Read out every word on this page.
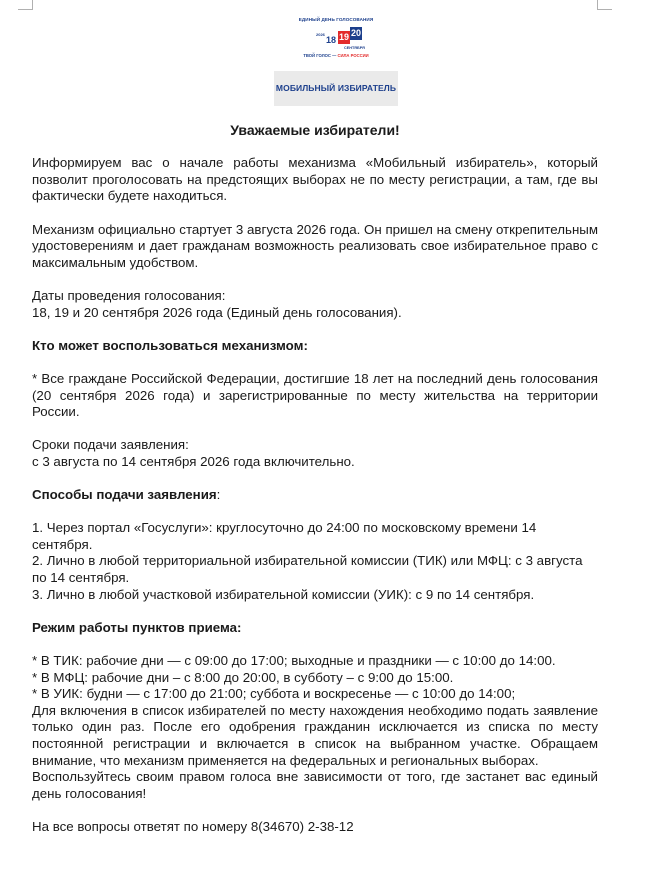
ЕДИНЫЙ ДЕНЬ ГОЛОСОВАНИЯ
2026
18 19 20
СЕНТЯБРЯ
ТВОЙ ГОЛОС — СИЛА РОССИИ
МОБИЛЬНЫЙ ИЗБИРАТЕЛЬ

Уважаемые избиратели!

Информируем вас о начале работы механизма «Мобильный избиратель», который позволит проголосовать на предстоящих выборах не по месту регистрации, а там, где вы фактически будете находиться.

Механизм официально стартует 3 августа 2026 года. Он пришел на смену открепительным удостоверениям и дает гражданам возможность реализовать свое избирательное право с максимальным удобством.

Даты проведения голосования:

18, 19 и 20 сентября 2026 года (Единый день голосования).

Кто может воспользоваться механизмом:

* Все граждане Российской Федерации, достигшие 18 лет на последний день голосования (20 сентября 2026 года) и зарегистрированные по месту жительства на территории России.

Сроки подачи заявления:

с 3 августа по 14 сентября 2026 года включительно.

Способы подачи заявления:

1. Через портал «Госуслуги»: круглосуточно до 24:00 по московскому времени 14 сентября.

2. Лично в любой территориальной избирательной комиссии (ТИК) или МФЦ: с 3 августа по 14 сентября.

3. Лично в любой участковой избирательной комиссии (УИК): с 9 по 14 сентября.

Режим работы пунктов приема:

* В ТИК: рабочие дни — с 09:00 до 17:00; выходные и праздники — с 10:00 до 14:00.

* В МФЦ: рабочие дни – с 8:00 до 20:00, в субботу – с 9:00 до 15:00.

* В УИК: будни — с 17:00 до 21:00; суббота и воскресенье — с 10:00 до 14:00;

Для включения в список избирателей по месту нахождения необходимо подать заявление только один раз. После его одобрения гражданин исключается из списка по месту постоянной регистрации и включается в список на выбранном участке. Обращаем внимание, что механизм применяется на федеральных и региональных выборах.

Воспользуйтесь своим правом голоса вне зависимости от того, где застанет вас единый день голосования!

На все вопросы ответят по номеру 8(34670) 2-38-12
